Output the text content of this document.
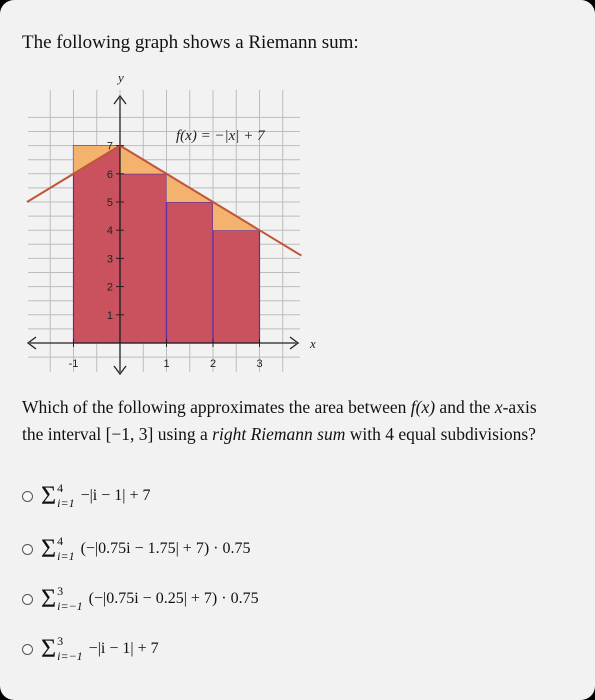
The following graph shows a Riemann sum:
1
2
3
4
5
6
7
-1	1	2	3
y
x
f(x) = −|x| + 7
Which of the following approximates the area between f(x) and the x-axis
the interval [−1, 3] using a right Riemann sum with 4 equal subdivisions?
Σ 4
i=1 −|i − 1| + 7
Σ 4
i=1 (−|0.75i − 1.75| + 7) · 0.75
Σ 3
i=−1 (−|0.75i − 0.25| + 7) · 0.75
Σ 3
i=−1 −|i − 1| + 7
